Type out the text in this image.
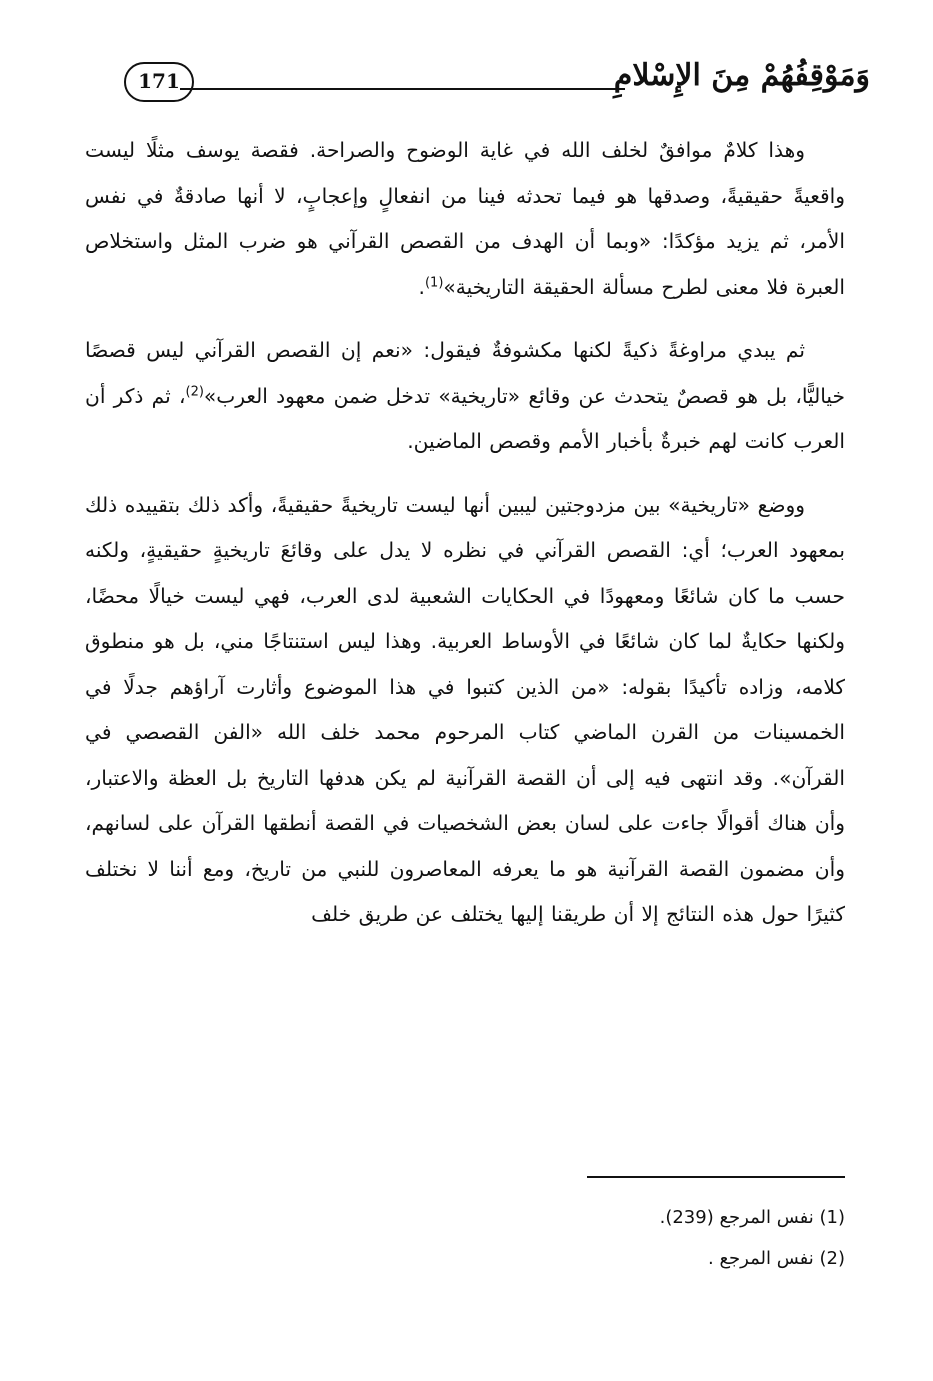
171	وَمَوْقِفُهُمْ مِنَ الإِسْلامِ

وهذا كلامٌ موافقٌ لخلف الله في غاية الوضوح والصراحة. فقصة يوسف مثلًا ليست واقعيةً حقيقيةً، وصدقها هو فيما تحدثه فينا من انفعالٍ وإعجابٍ، لا أنها صادقةٌ في نفس الأمر، ثم يزيد مؤكدًا: «وبما أن الهدف من القصص القرآني هو ضرب المثل واستخلاص العبرة فلا معنى لطرح مسألة الحقيقة التاريخية»$^{(1)}$.

ثم يبدي مراوغةً ذكيةً لكنها مكشوفةٌ فيقول: «نعم إن القصص القرآني ليس قصصًا خياليًّا، بل هو قصصٌ يتحدث عن وقائع «تاريخية» تدخل ضمن معهود العرب»$^{(2)}$، ثم ذكر أن العرب كانت لهم خبرةٌ بأخبار الأمم وقصص الماضين.

ووضع «تاريخية» بين مزدوجتين ليبين أنها ليست تاريخيةً حقيقيةً، وأكد ذلك بتقييده ذلك بمعهود العرب؛ أي: القصص القرآني في نظره لا يدل على وقائعَ تاريخيةٍ حقيقيةٍ، ولكنه حسب ما كان شائعًا ومعهودًا في الحكايات الشعبية لدى العرب، فهي ليست خيالًا محضًا، ولكنها حكايةٌ لما كان شائعًا في الأوساط العربية. وهذا ليس استنتاجًا مني، بل هو منطوق كلامه، وزاده تأكيدًا بقوله: «من الذين كتبوا في هذا الموضوع وأثارت آراؤهم جدلًا في الخمسينات من القرن الماضي كتاب المرحوم محمد خلف الله «الفن القصصي في القرآن». وقد انتهى فيه إلى أن القصة القرآنية لم يكن هدفها التاريخ بل العظة والاعتبار، وأن هناك أقوالًا جاءت على لسان بعض الشخصيات في القصة أنطقها القرآن على لسانهم، وأن مضمون القصة القرآنية هو ما يعرفه المعاصرون للنبي من تاريخ، ومع أننا لا نختلف كثيرًا حول هذه النتائج إلا أن طريقنا إليها يختلف عن طريق خلف

(1) نفس المرجع (239).

(2) نفس المرجع .
